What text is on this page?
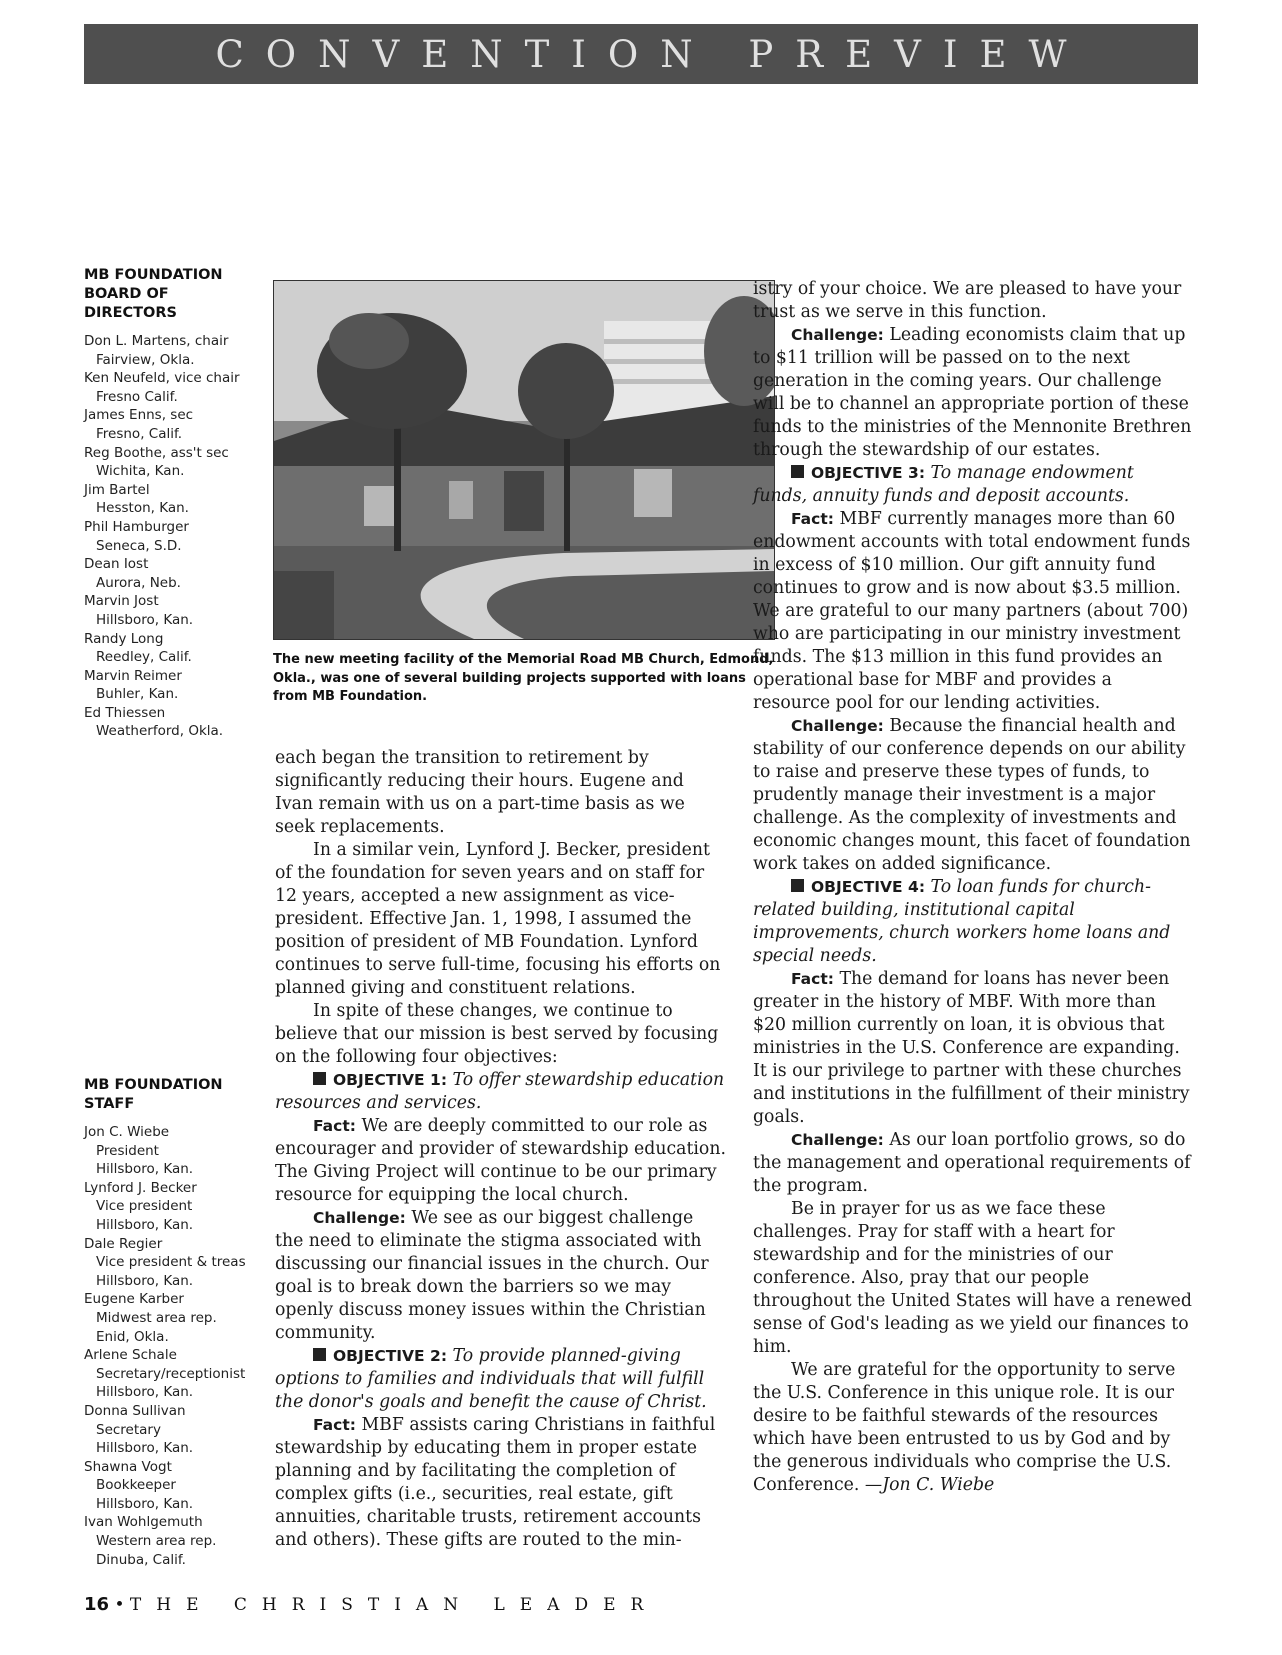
CONVENTION PREVIEW
MB FOUNDATION
BOARD OF DIRECTORS
Don L. Martens, chair
Fairview, Okla.
Ken Neufeld, vice chair
Fresno Calif.
James Enns, sec
Fresno, Calif.
Reg Boothe, ass't sec
Wichita, Kan.
Jim Bartel
Hesston, Kan.
Phil Hamburger
Seneca, S.D.
Dean Iost
Aurora, Neb.
Marvin Jost
Hillsboro, Kan.
Randy Long
Reedley, Calif.
Marvin Reimer
Buhler, Kan.
Ed Thiessen
Weatherford, Okla.
MB FOUNDATION
STAFF
Jon C. Wiebe
President
Hillsboro, Kan.
Lynford J. Becker
Vice president
Hillsboro, Kan.
Dale Regier
Vice president & treas
Hillsboro, Kan.
Eugene Karber
Midwest area rep.
Enid, Okla.
Arlene Schale
Secretary/receptionist
Hillsboro, Kan.
Donna Sullivan
Secretary
Hillsboro, Kan.
Shawna Vogt
Bookkeeper
Hillsboro, Kan.
Ivan Wohlgemuth
Western area rep.
Dinuba, Calif.
The new meeting facility of the Memorial Road MB Church, Edmond, Okla., was one of several building projects supported with loans from MB Foundation.

each began the transition to retirement by significantly reducing their hours. Eugene and Ivan remain with us on a part-time basis as we seek replacements.

In a similar vein, Lynford J. Becker, president of the foundation for seven years and on staff for 12 years, accepted a new assignment as vice-president. Effective Jan. 1, 1998, I assumed the position of president of MB Foundation. Lynford continues to serve full-time, focusing his efforts on planned giving and constituent relations.

In spite of these changes, we continue to believe that our mission is best served by focusing on the following four objectives:

OBJECTIVE 1: To offer stewardship education resources and services.

Fact: We are deeply committed to our role as encourager and provider of stewardship education. The Giving Project will continue to be our primary resource for equipping the local church.

Challenge: We see as our biggest challenge the need to eliminate the stigma associated with discussing our financial issues in the church. Our goal is to break down the barriers so we may openly discuss money issues within the Christian community.

OBJECTIVE 2: To provide planned-giving options to families and individuals that will fulfill the donor's goals and benefit the cause of Christ.

Fact: MBF assists caring Christians in faithful stewardship by educating them in proper estate planning and by facilitating the completion of complex gifts (i.e., securities, real estate, gift annuities, charitable trusts, retirement accounts and others). These gifts are routed to the min-

istry of your choice. We are pleased to have your trust as we serve in this function.

Challenge: Leading economists claim that up to $11 trillion will be passed on to the next generation in the coming years. Our challenge will be to channel an appropriate portion of these funds to the ministries of the Mennonite Brethren through the stewardship of our estates.

OBJECTIVE 3: To manage endowment funds, annuity funds and deposit accounts.

Fact: MBF currently manages more than 60 endowment accounts with total endowment funds in excess of $10 million. Our gift annuity fund continues to grow and is now about $3.5 million. We are grateful to our many partners (about 700) who are participating in our ministry investment funds. The $13 million in this fund provides an operational base for MBF and provides a resource pool for our lending activities.

Challenge: Because the financial health and stability of our conference depends on our ability to raise and preserve these types of funds, to prudently manage their investment is a major challenge. As the complexity of investments and economic changes mount, this facet of foundation work takes on added significance.

OBJECTIVE 4: To loan funds for church-related building, institutional capital improvements, church workers home loans and special needs.

Fact: The demand for loans has never been greater in the history of MBF. With more than $20 million currently on loan, it is obvious that ministries in the U.S. Conference are expanding. It is our privilege to partner with these churches and institutions in the fulfillment of their ministry goals.

Challenge: As our loan portfolio grows, so do the management and operational requirements of the program.

Be in prayer for us as we face these challenges. Pray for staff with a heart for stewardship and for the ministries of our conference. Also, pray that our people throughout the United States will have a renewed sense of God's leading as we yield our finances to him.

We are grateful for the opportunity to serve the U.S. Conference in this unique role. It is our desire to be faithful stewards of the resources which have been entrusted to us by God and by the generous individuals who comprise the U.S. Conference. —Jon C. Wiebe

16 • THE CHRISTIAN LEADER
